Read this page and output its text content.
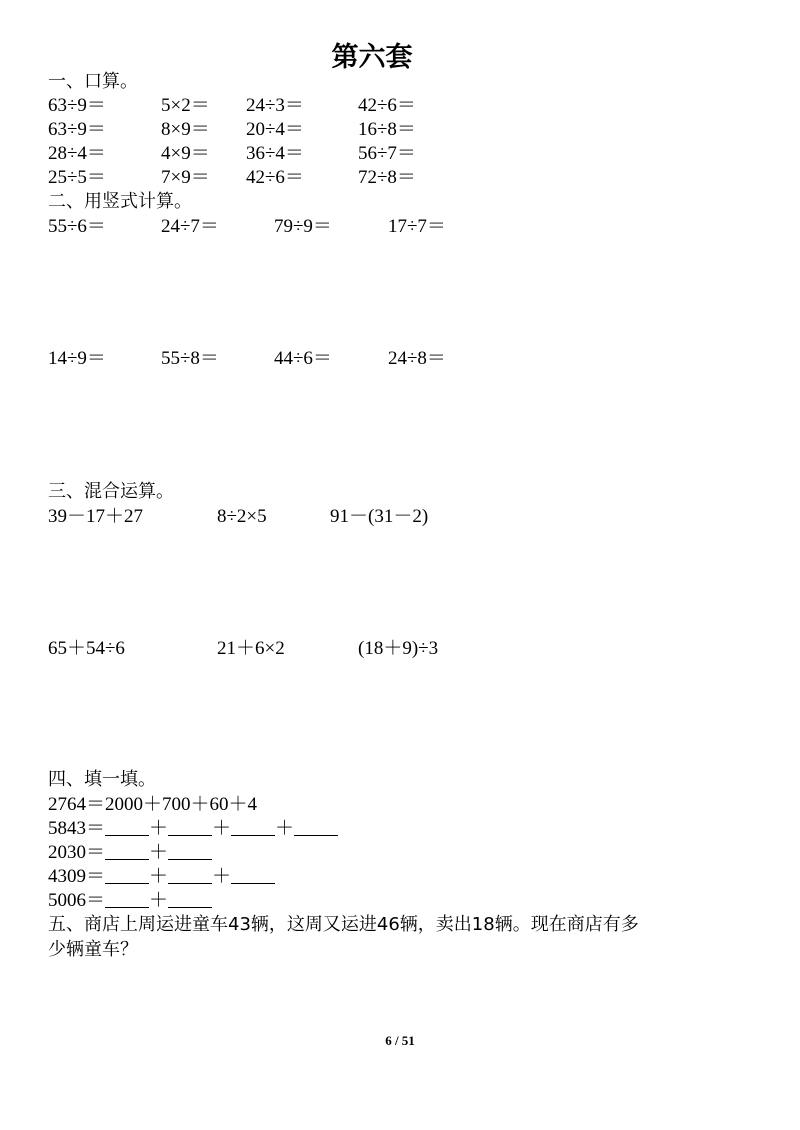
第六套
一、口算。
63÷9＝	5×2＝ 24÷3＝	42÷6＝
63÷9＝	8×9＝ 20÷4＝	16÷8＝
28÷4＝	4×9＝ 36÷4＝	56÷7＝
25÷5＝	7×9＝ 42÷6＝	72÷8＝
二、用竖式计算。
55÷6＝	24÷7＝	79÷9＝	17÷7＝
14÷9＝	55÷8＝	44÷6＝	24÷8＝
三、混合运算。
39－17＋27	8÷2×5	91－(31－2)
65＋54÷6	21＋6×2	(18＋9)÷3
四、填一填。
2764＝2000＋700＋60＋4
5843＝ ＋ ＋ ＋
2030＝ ＋
4309＝ ＋ ＋
5006＝ ＋
五、商店上周运进童车43辆，这周又运进46辆，卖出18辆。现在商店有多
少辆童车？
6 / 51
